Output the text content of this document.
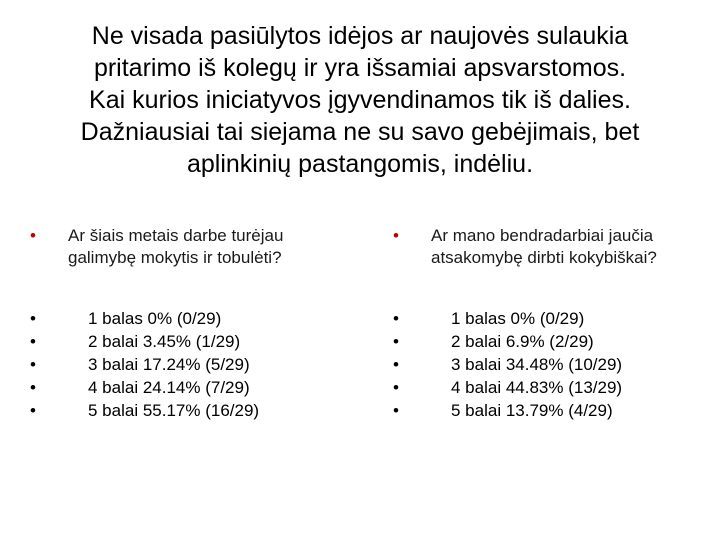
Ne visada pasiūlytos idėjos ar naujovės sulaukia
pritarimo iš kolegų ir yra išsamiai apsvarstomos.
Kai kurios iniciatyvos įgyvendinamos tik iš dalies.
Dažniausiai tai siejama ne su savo gebėjimais, bet
aplinkinių pastangomis, indėliu.
• Ar šiais metais darbe turėjau
galimybę mokytis ir tobulėti?
•	1 balas 0% (0/29)
•	2 balai 3.45% (1/29)
•	3 balai 17.24% (5/29)
•	4 balai 24.14% (7/29)
•	5 balai 55.17% (16/29)
• Ar mano bendradarbiai jaučia
atsakomybę dirbti kokybiškai?
•	1 balas 0% (0/29)
•	2 balai 6.9% (2/29)
•	3 balai 34.48% (10/29)
•	4 balai 44.83% (13/29)
•	5 balai 13.79% (4/29)
